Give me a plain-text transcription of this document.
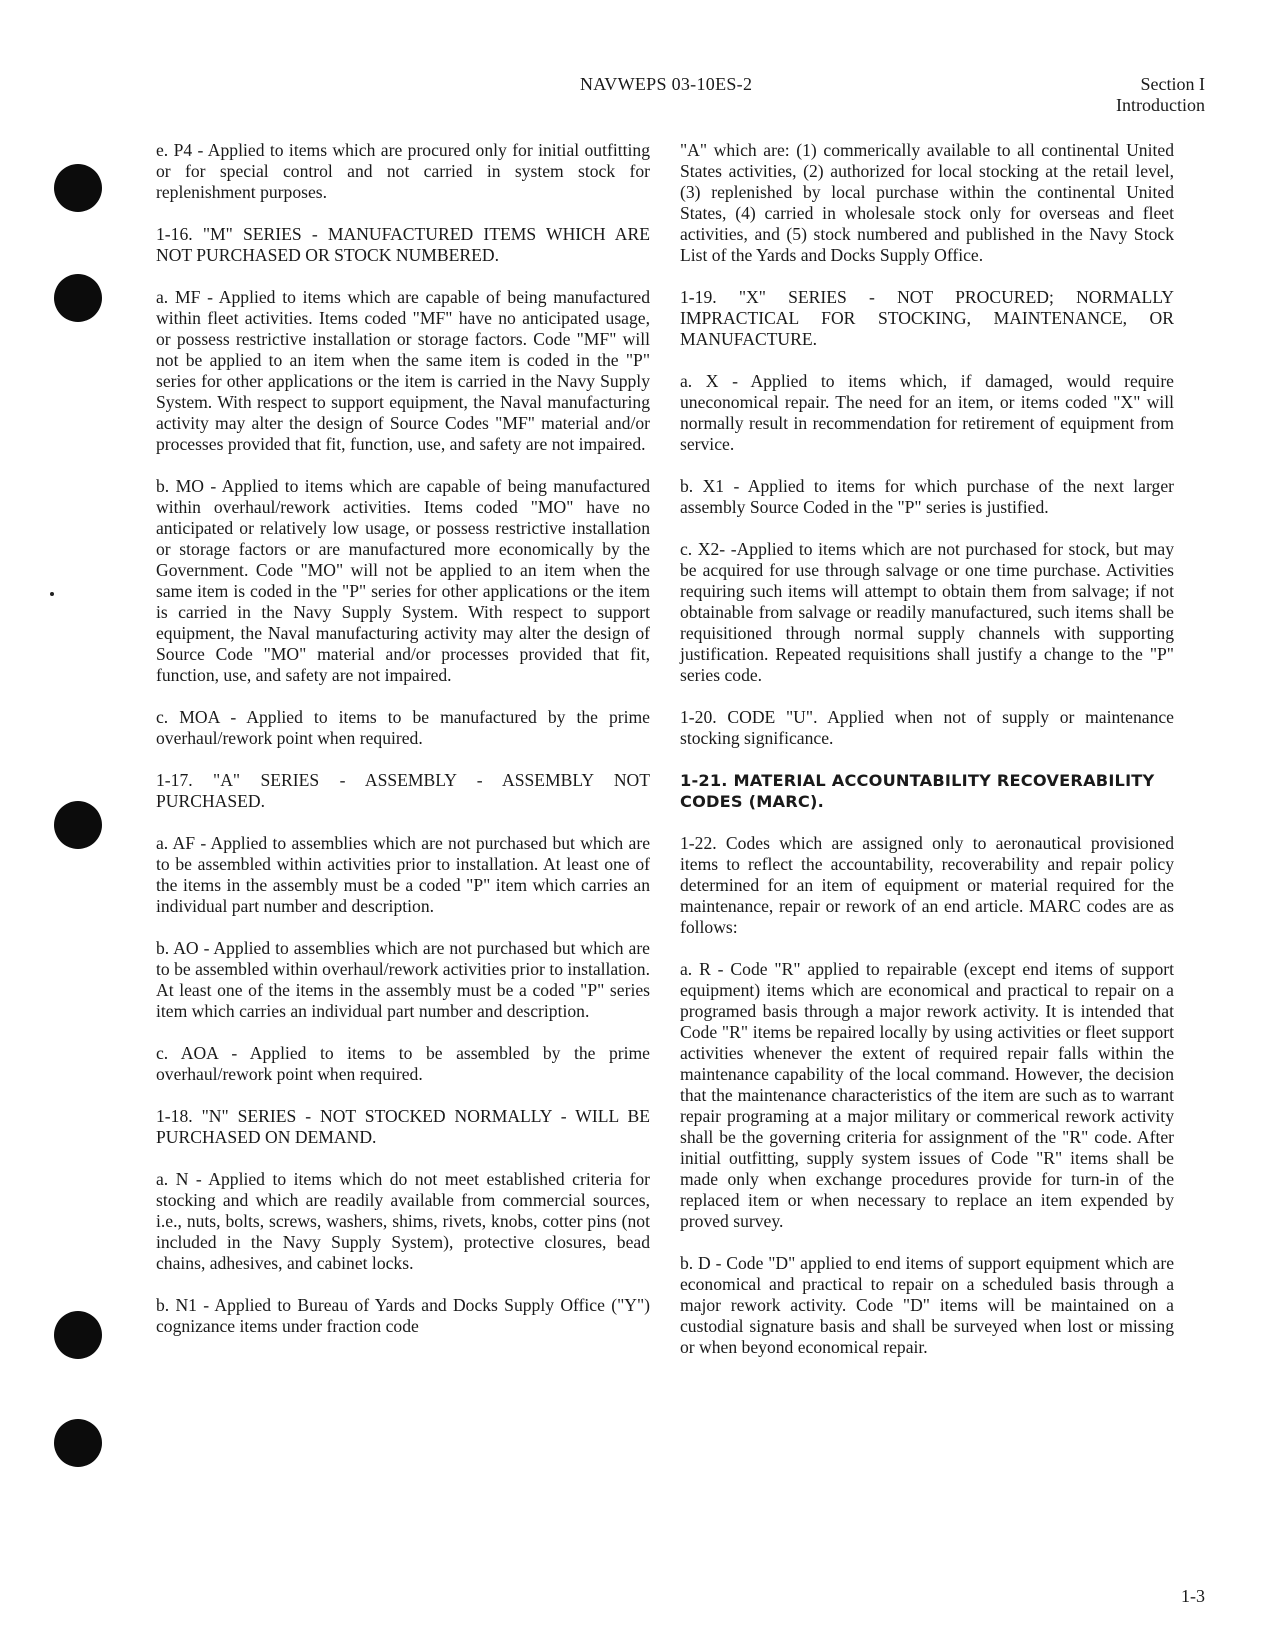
NAVWEPS 03-10ES-2	Section I
Introduction

e. P4 - Applied to items which are procured only for initial outfitting or for special control and not carried in system stock for replenishment purposes.

1-16. "M" SERIES - MANUFACTURED ITEMS WHICH ARE NOT PURCHASED OR STOCK NUMBERED.

a. MF - Applied to items which are capable of being manufactured within fleet activities. Items coded "MF" have no anticipated usage, or possess restrictive installation or storage factors. Code "MF" will not be applied to an item when the same item is coded in the "P" series for other applications or the item is carried in the Navy Supply System. With respect to support equipment, the Naval manufacturing activity may alter the design of Source Codes "MF" material and/or processes provided that fit, function, use, and safety are not impaired.

b. MO - Applied to items which are capable of being manufactured within overhaul/rework activities. Items coded "MO" have no anticipated or relatively low usage, or possess restrictive installation or storage factors or are manufactured more economically by the Government. Code "MO" will not be applied to an item when the same item is coded in the "P" series for other applications or the item is carried in the Navy Supply System. With respect to support equipment, the Naval manufacturing activity may alter the design of Source Code "MO" material and/or processes provided that fit, function, use, and safety are not impaired.

c. MOA - Applied to items to be manufactured by the prime overhaul/rework point when required.

1-17. "A" SERIES - ASSEMBLY - ASSEMBLY NOT PURCHASED.

a. AF - Applied to assemblies which are not purchased but which are to be assembled within activities prior to installation. At least one of the items in the assembly must be a coded "P" item which carries an individual part number and description.

b. AO - Applied to assemblies which are not purchased but which are to be assembled within overhaul/rework activities prior to installation. At least one of the items in the assembly must be a coded "P" series item which carries an individual part number and description.

c. AOA - Applied to items to be assembled by the prime overhaul/rework point when required.

1-18. "N" SERIES - NOT STOCKED NORMALLY - WILL BE PURCHASED ON DEMAND.

a. N - Applied to items which do not meet established criteria for stocking and which are readily available from commercial sources, i.e., nuts, bolts, screws, washers, shims, rivets, knobs, cotter pins (not included in the Navy Supply System), protective closures, bead chains, adhesives, and cabinet locks.

b. N1 - Applied to Bureau of Yards and Docks Supply Office ("Y") cognizance items under fraction code

"A" which are: (1) commerically available to all continental United States activities, (2) authorized for local stocking at the retail level, (3) replenished by local purchase within the continental United States, (4) carried in wholesale stock only for overseas and fleet activities, and (5) stock numbered and published in the Navy Stock List of the Yards and Docks Supply Office.

1-19. "X" SERIES - NOT PROCURED; NORMALLY IMPRACTICAL FOR STOCKING, MAINTENANCE, OR MANUFACTURE.

a. X - Applied to items which, if damaged, would require uneconomical repair. The need for an item, or items coded "X" will normally result in recommendation for retirement of equipment from service.

b. X1 - Applied to items for which purchase of the next larger assembly Source Coded in the "P" series is justified.

c. X2- -Applied to items which are not purchased for stock, but may be acquired for use through salvage or one time purchase. Activities requiring such items will attempt to obtain them from salvage; if not obtainable from salvage or readily manufactured, such items shall be requisitioned through normal supply channels with supporting justification. Repeated requisitions shall justify a change to the "P" series code.

1-20. CODE "U". Applied when not of supply or maintenance stocking significance.

1-21. MATERIAL ACCOUNTABILITY RECOVERABILITY CODES (MARC).

1-22. Codes which are assigned only to aeronautical provisioned items to reflect the accountability, recoverability and repair policy determined for an item of equipment or material required for the maintenance, repair or rework of an end article. MARC codes are as follows:

a. R - Code "R" applied to repairable (except end items of support equipment) items which are economical and practical to repair on a programed basis through a major rework activity. It is intended that Code "R" items be repaired locally by using activities or fleet support activities whenever the extent of required repair falls within the maintenance capability of the local command. However, the decision that the maintenance characteristics of the item are such as to warrant repair programing at a major military or commerical rework activity shall be the governing criteria for assignment of the "R" code. After initial outfitting, supply system issues of Code "R" items shall be made only when exchange procedures provide for turn-in of the replaced item or when necessary to replace an item expended by proved survey.

b. D - Code "D" applied to end items of support equipment which are economical and practical to repair on a scheduled basis through a major rework activity. Code "D" items will be maintained on a custodial signature basis and shall be surveyed when lost or missing or when beyond economical repair.

1-3
